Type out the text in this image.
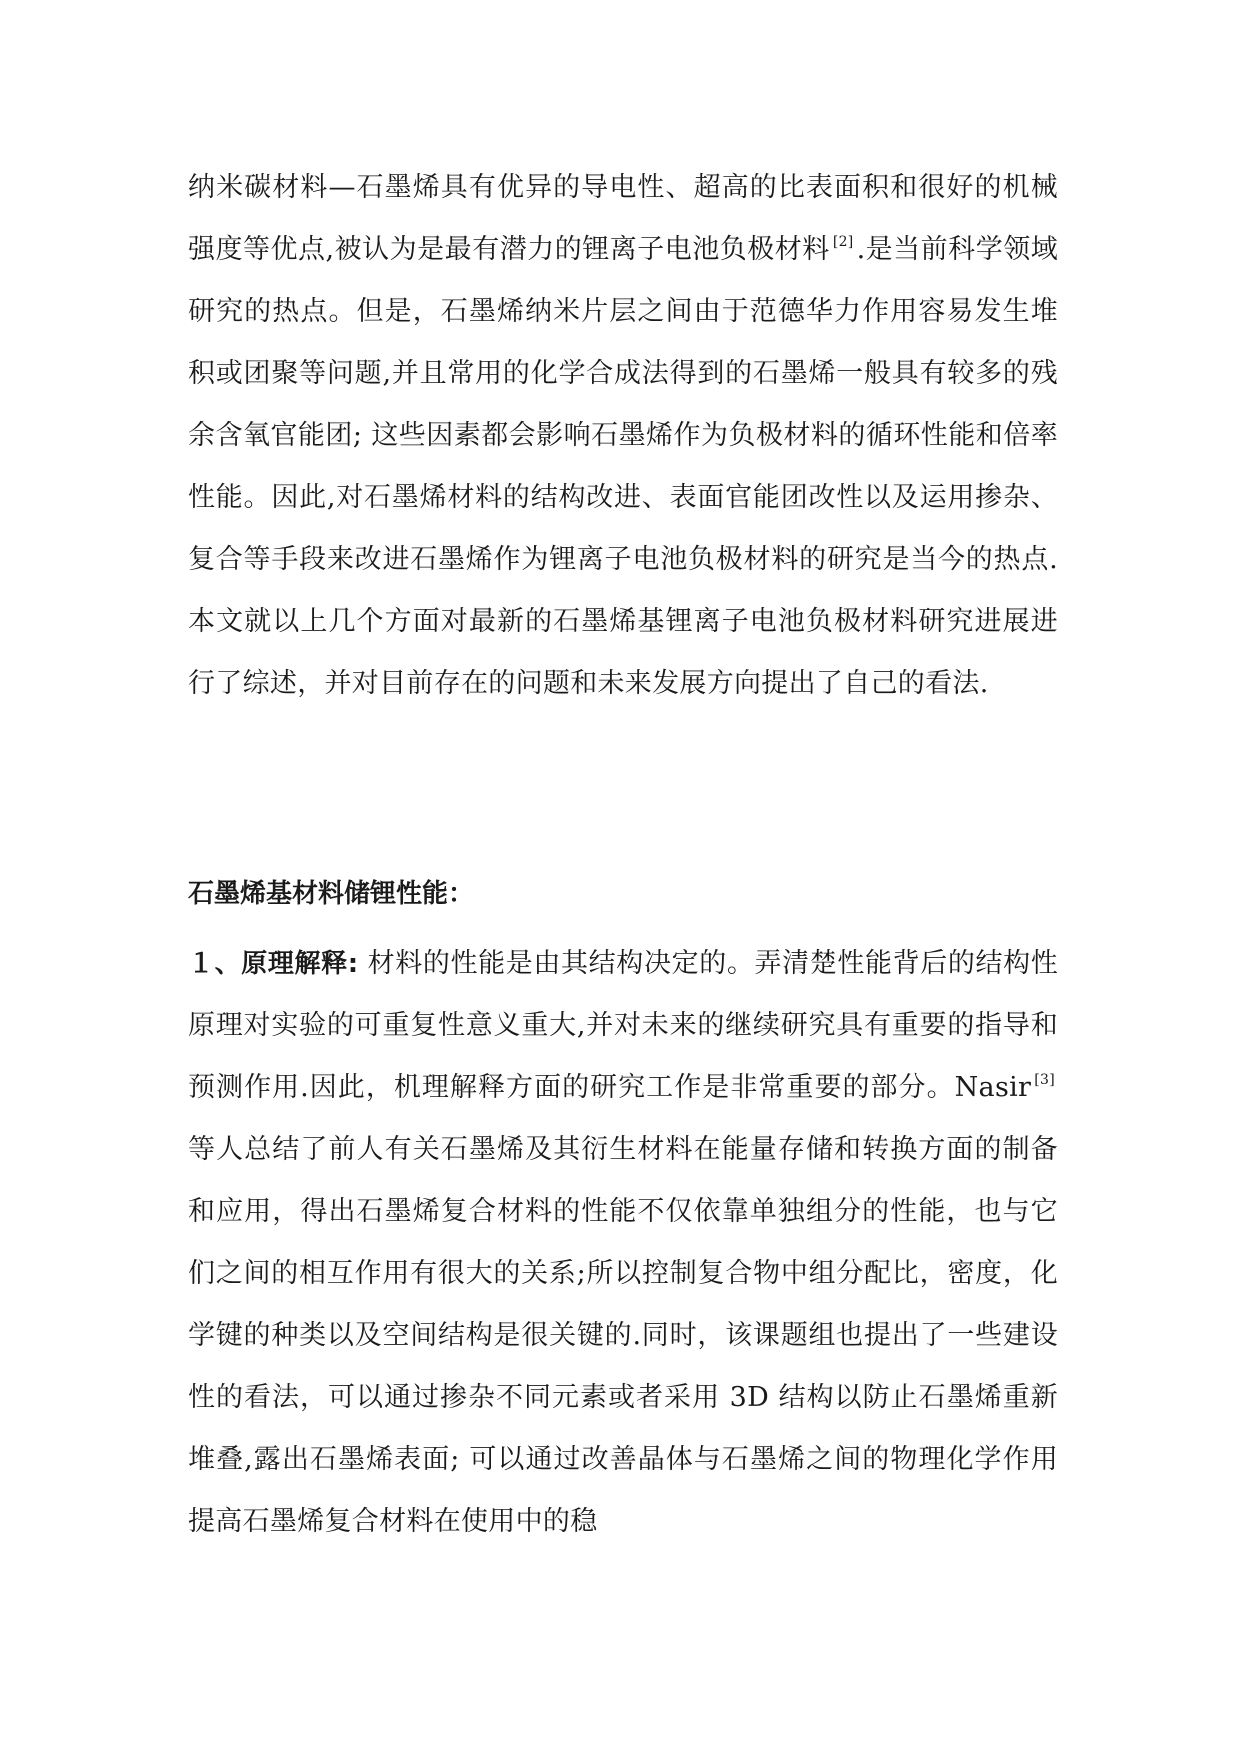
纳米碳材料—石墨烯具有优异的导电性、超高的比表面积和很好的机械强度等优点,被认为是最有潜力的锂离子电池负极材料 [2] .是当前科学领域研究的热点。但是，石墨烯纳米片层之间由于范德华力作用容易发生堆积或团聚等问题,并且常用的化学合成法得到的石墨烯一般具有较多的残余含氧官能团; 这些因素都会影响石墨烯作为负极材料的循环性能和倍率性能。因此,对石墨烯材料的结构改进、表面官能团改性以及运用掺杂、复合等手段来改进石墨烯作为锂离子电池负极材料的研究是当今的热点.本文就以上几个方面对最新的石墨烯基锂离子电池负极材料研究进展进行了综述，并对目前存在的问题和未来发展方向提出了自己的看法.
石墨烯基材料储锂性能：
１、原理解释: 材料的性能是由其结构决定的。弄清楚性能背后的结构性原理对实验的可重复性意义重大,并对未来的继续研究具有重要的指导和预测作用.因此，机理解释方面的研究工作是非常重要的部分。Nasir [3]等人总结了前人有关石墨烯及其衍生材料在能量存储和转换方面的制备和应用，得出石墨烯复合材料的性能不仅依靠单独组分的性能，也与它们之间的相互作用有很大的关系;所以控制复合物中组分配比，密度，化学键的种类以及空间结构是很关键的.同时，该课题组也提出了一些建设性的看法，可以通过掺杂不同元素或者采用 3D 结构以防止石墨烯重新堆叠,露出石墨烯表面; 可以通过改善晶体与石墨烯之间的物理化学作用提高石墨烯复合材料在使用中的稳
